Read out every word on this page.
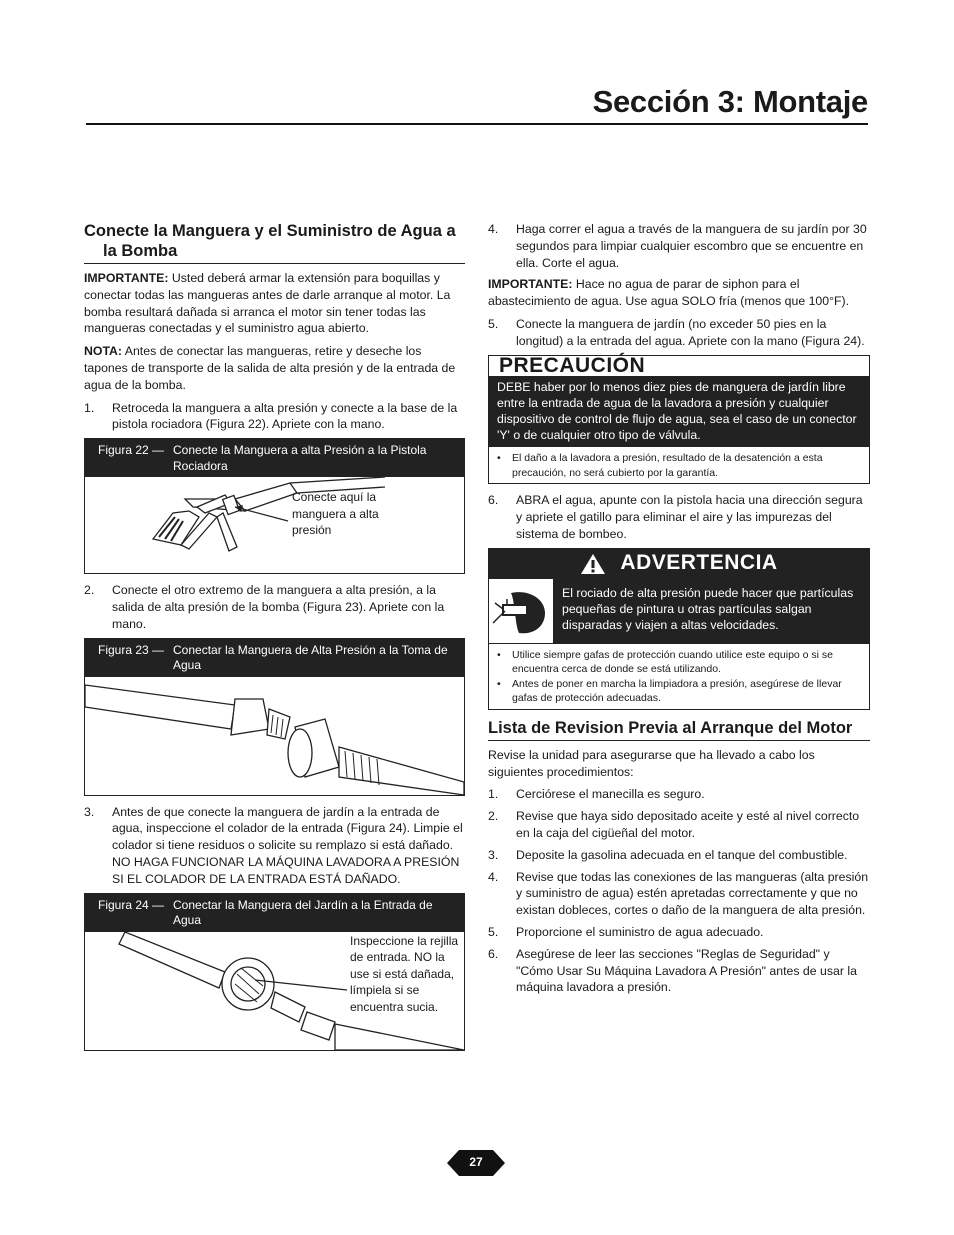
Sección 3: Montaje
Conecte la Manguera y el Suministro de Agua a la Bomba

IMPORTANTE: Usted deberá armar la extensión para boquillas y conectar todas las mangueras antes de darle arranque al motor. La bomba resultará dañada si arranca el motor sin tener todas las mangueras conectadas y el suministro agua abierto.

NOTA: Antes de conectar las mangueras, retire y deseche los tapones de transporte de la salida de alta presión y de la entrada de agua de la bomba.

1.	Retroceda la manguera a alta presión y conecte a la base de la pistola rociadora (Figura 22). Apriete con la mano.
Figura 22 — Conecte la Manguera a alta Presión a la Pistola Rociadora
Conecte aquí la manguera a alta presión
2.	Conecte el otro extremo de la manguera a alta presión, a la salida de alta presión de la bomba (Figura 23). Apriete con la mano.
Figura 23 — Conectar la Manguera de Alta Presión a la Toma de Agua
3.	Antes de que conecte la manguera de jardín a la entrada de agua, inspeccione el colador de la entrada (Figura 24). Limpie el colador si tiene residuos o solicite su remplazo si está dañado. NO HAGA FUNCIONAR LA MÁQUINA LAVADORA A PRESIÓN SI EL COLADOR DE LA ENTRADA ESTÁ DAÑADO.
Figura 24 — Conectar la Manguera del Jardín a la Entrada de Agua
Inspeccione la rejilla de entrada. NO la use si está dañada, límpiela si se encuentra sucia.
4.	Haga correr el agua a través de la manguera de su jardín por 30 segundos para limpiar cualquier escombro que se encuentre en ella. Corte el agua.

IMPORTANTE: Hace no agua de parar de siphon para el abastecimiento de agua. Use agua SOLO fría (menos que 100°F).

5.	Conecte la manguera de jardín (no exceder 50 pies en la longitud) a la entrada del agua. Apriete con la mano (Figura 24).
PRECAUCIÓN
DEBE haber por lo menos diez pies de manguera de jardín libre entre la entrada de agua de la lavadora a presión y cualquier dispositivo de control de flujo de agua, sea el caso de un conector 'Y' o de cualquier otro tipo de válvula.
•	El daño a la lavadora a presión, resultado de la desatención a esta precaución, no será cubierto por la garantía.
6.	ABRA el agua, apunte con la pistola hacia una dirección segura y apriete el gatillo para eliminar el aire y las impurezas del sistema de bombeo.
ADVERTENCIA
El rociado de alta presión puede hacer que partículas pequeñas de pintura u otras partículas salgan disparadas y viajen a altas velocidades.
•	Utilice siempre gafas de protección cuando utilice este equipo o si se encuentra cerca de donde se está utilizando.
•	Antes de poner en marcha la limpiadora a presión, asegúrese de llevar gafas de protección adecuadas.
Lista de Revision Previa al Arranque del Motor

Revise la unidad para asegurarse que ha llevado a cabo los siguientes procedimientos:

1.	Cerciórese el manecilla es seguro.
2.	Revise que haya sido depositado aceite y esté al nivel correcto en la caja del cigüeñal del motor.
3.	Deposite la gasolina adecuada en el tanque del combustible.
4.	Revise que todas las conexiones de las mangueras (alta presión y suministro de agua) estén apretadas correctamente y que no existan dobleces, cortes o daño de la manguera de alta presión.
5.	Proporcione el suministro de agua adecuado.
6.	Asegúrese de leer las secciones "Reglas de Seguridad" y "Cómo Usar Su Máquina Lavadora A Presión" antes de usar la máquina lavadora a presión.
27
